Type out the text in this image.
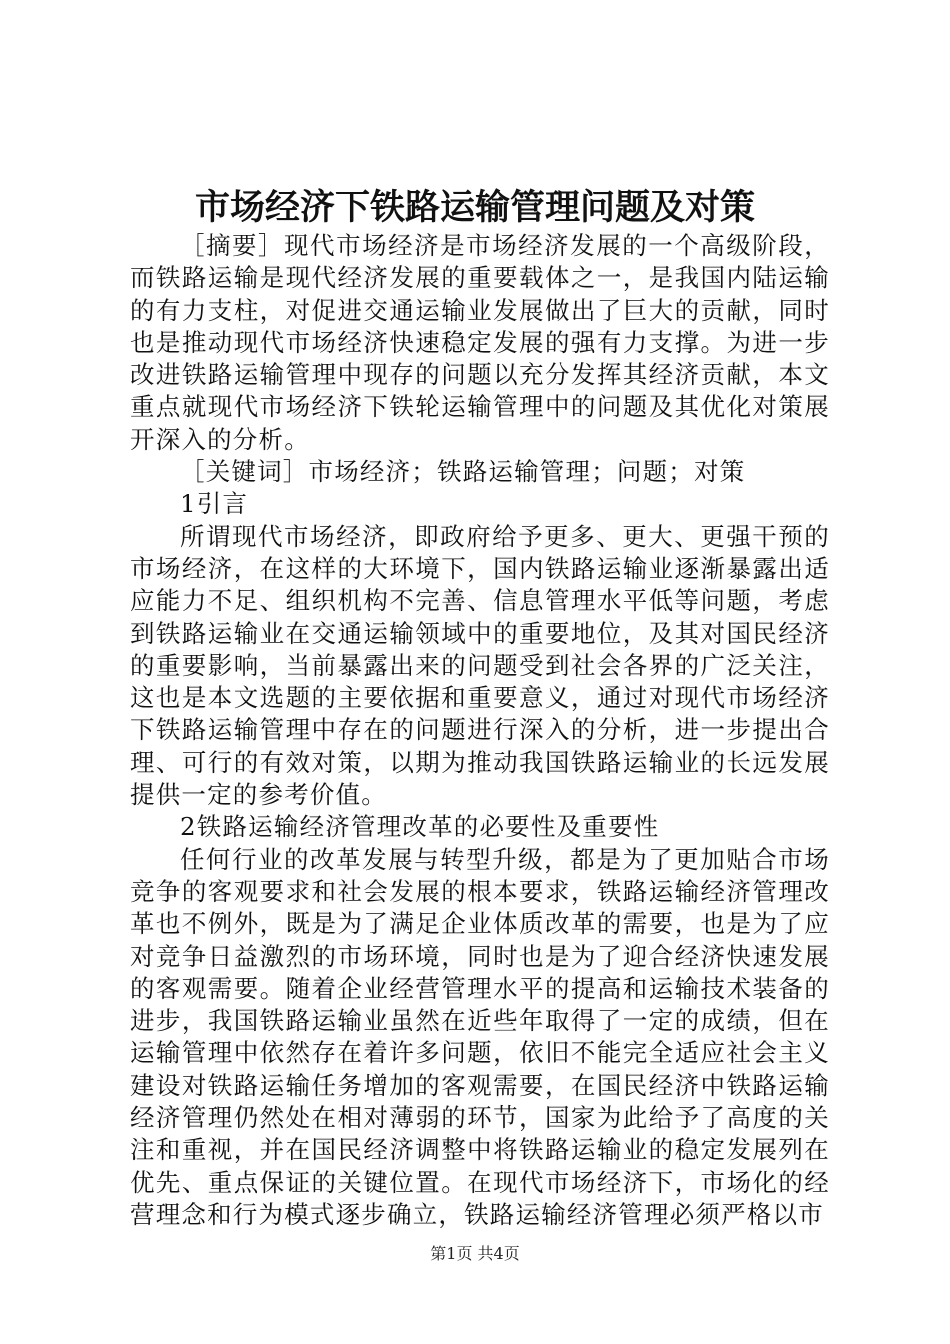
市场经济下铁路运输管理问题及对策

［摘要］现代市场经济是市场经济发展的一个高级阶段，而铁路运输是现代经济发展的重要载体之一，是我国内陆运输的有力支柱，对促进交通运输业发展做出了巨大的贡献，同时也是推动现代市场经济快速稳定发展的强有力支撑。为进一步改进铁路运输管理中现存的问题以充分发挥其经济贡献，本文重点就现代市场经济下铁轮运输管理中的问题及其优化对策展开深入的分析。

［关键词］市场经济；铁路运输管理；问题；对策

1引言

所谓现代市场经济，即政府给予更多、更大、更强干预的市场经济，在这样的大环境下，国内铁路运输业逐渐暴露出适应能力不足、组织机构不完善、信息管理水平低等问题，考虑到铁路运输业在交通运输领域中的重要地位，及其对国民经济的重要影响，当前暴露出来的问题受到社会各界的广泛关注，这也是本文选题的主要依据和重要意义，通过对现代市场经济下铁路运输管理中存在的问题进行深入的分析，进一步提出合理、可行的有效对策，以期为推动我国铁路运输业的长远发展提供一定的参考价值。

2铁路运输经济管理改革的必要性及重要性

任何行业的改革发展与转型升级，都是为了更加贴合市场竞争的客观要求和社会发展的根本要求，铁路运输经济管理改革也不例外，既是为了满足企业体质改革的需要，也是为了应对竞争日益激烈的市场环境，同时也是为了迎合经济快速发展的客观需要。随着企业经营管理水平的提高和运输技术装备的进步，我国铁路运输业虽然在近些年取得了一定的成绩，但在运输管理中依然存在着许多问题，依旧不能完全适应社会主义建设对铁路运输任务增加的客观需要，在国民经济中铁路运输经济管理仍然处在相对薄弱的环节，国家为此给予了高度的关注和重视，并在国民经济调整中将铁路运输业的稳定发展列在优先、重点保证的关键位置。在现代市场经济下，市场化的经营理念和行为模式逐步确立，铁路运输经济管理必须严格以市

第1页 共4页
